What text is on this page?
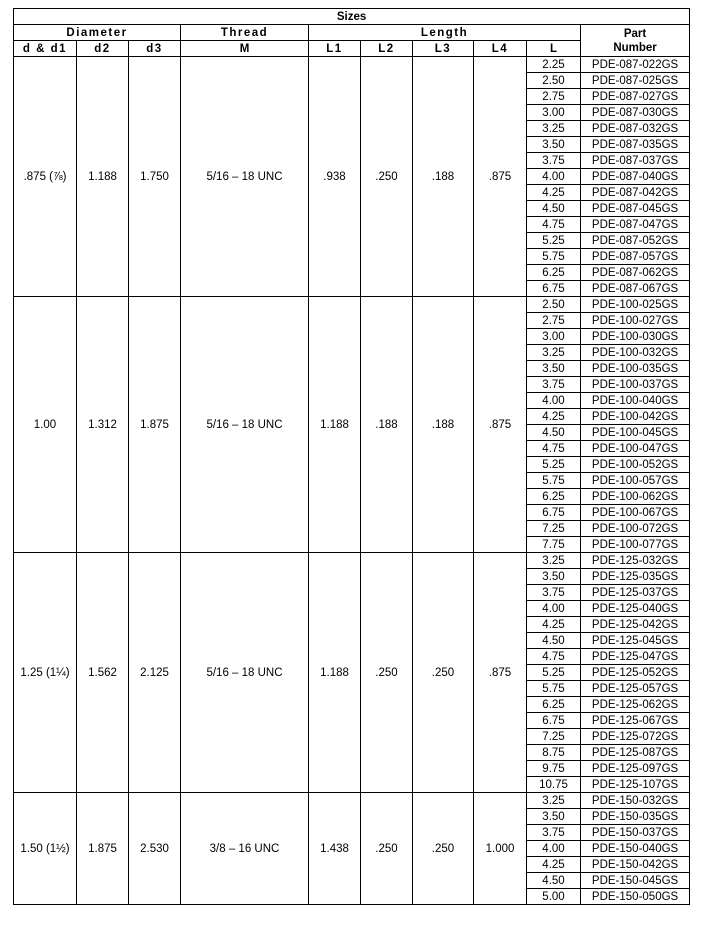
Sizes									
Diameter			Thread	Length					Part
Number
d & d1	d2	d3	M	L1	L2	L3	L4	L	
.875 (⅞)	1.188	1.750	5/16 – 18 UNC	.938	.250	.188	.875	2.25	PDE-087-022GS
								2.50	PDE-087-025GS
								2.75	PDE-087-027GS
								3.00	PDE-087-030GS
								3.25	PDE-087-032GS
								3.50	PDE-087-035GS
								3.75	PDE-087-037GS
								4.00	PDE-087-040GS
								4.25	PDE-087-042GS
								4.50	PDE-087-045GS
								4.75	PDE-087-047GS
								5.25	PDE-087-052GS
								5.75	PDE-087-057GS
								6.25	PDE-087-062GS
								6.75	PDE-087-067GS
1.00	1.312	1.875	5/16 – 18 UNC	1.188	.188	.188	.875	2.50	PDE-100-025GS
								2.75	PDE-100-027GS
								3.00	PDE-100-030GS
								3.25	PDE-100-032GS
								3.50	PDE-100-035GS
								3.75	PDE-100-037GS
								4.00	PDE-100-040GS
								4.25	PDE-100-042GS
								4.50	PDE-100-045GS
								4.75	PDE-100-047GS
								5.25	PDE-100-052GS
								5.75	PDE-100-057GS
								6.25	PDE-100-062GS
								6.75	PDE-100-067GS
								7.25	PDE-100-072GS
								7.75	PDE-100-077GS
1.25 (1¼)	1.562	2.125	5/16 – 18 UNC	1.188	.250	.250	.875	3.25	PDE-125-032GS
								3.50	PDE-125-035GS
								3.75	PDE-125-037GS
								4.00	PDE-125-040GS
								4.25	PDE-125-042GS
								4.50	PDE-125-045GS
								4.75	PDE-125-047GS
								5.25	PDE-125-052GS
								5.75	PDE-125-057GS
								6.25	PDE-125-062GS
								6.75	PDE-125-067GS
								7.25	PDE-125-072GS
								8.75	PDE-125-087GS
								9.75	PDE-125-097GS
								10.75	PDE-125-107GS
1.50 (1½)	1.875	2.530	3/8 – 16 UNC	1.438	.250	.250	1.000	3.25	PDE-150-032GS
								3.50	PDE-150-035GS
								3.75	PDE-150-037GS
								4.00	PDE-150-040GS
								4.25	PDE-150-042GS
								4.50	PDE-150-045GS
								5.00	PDE-150-050GS
